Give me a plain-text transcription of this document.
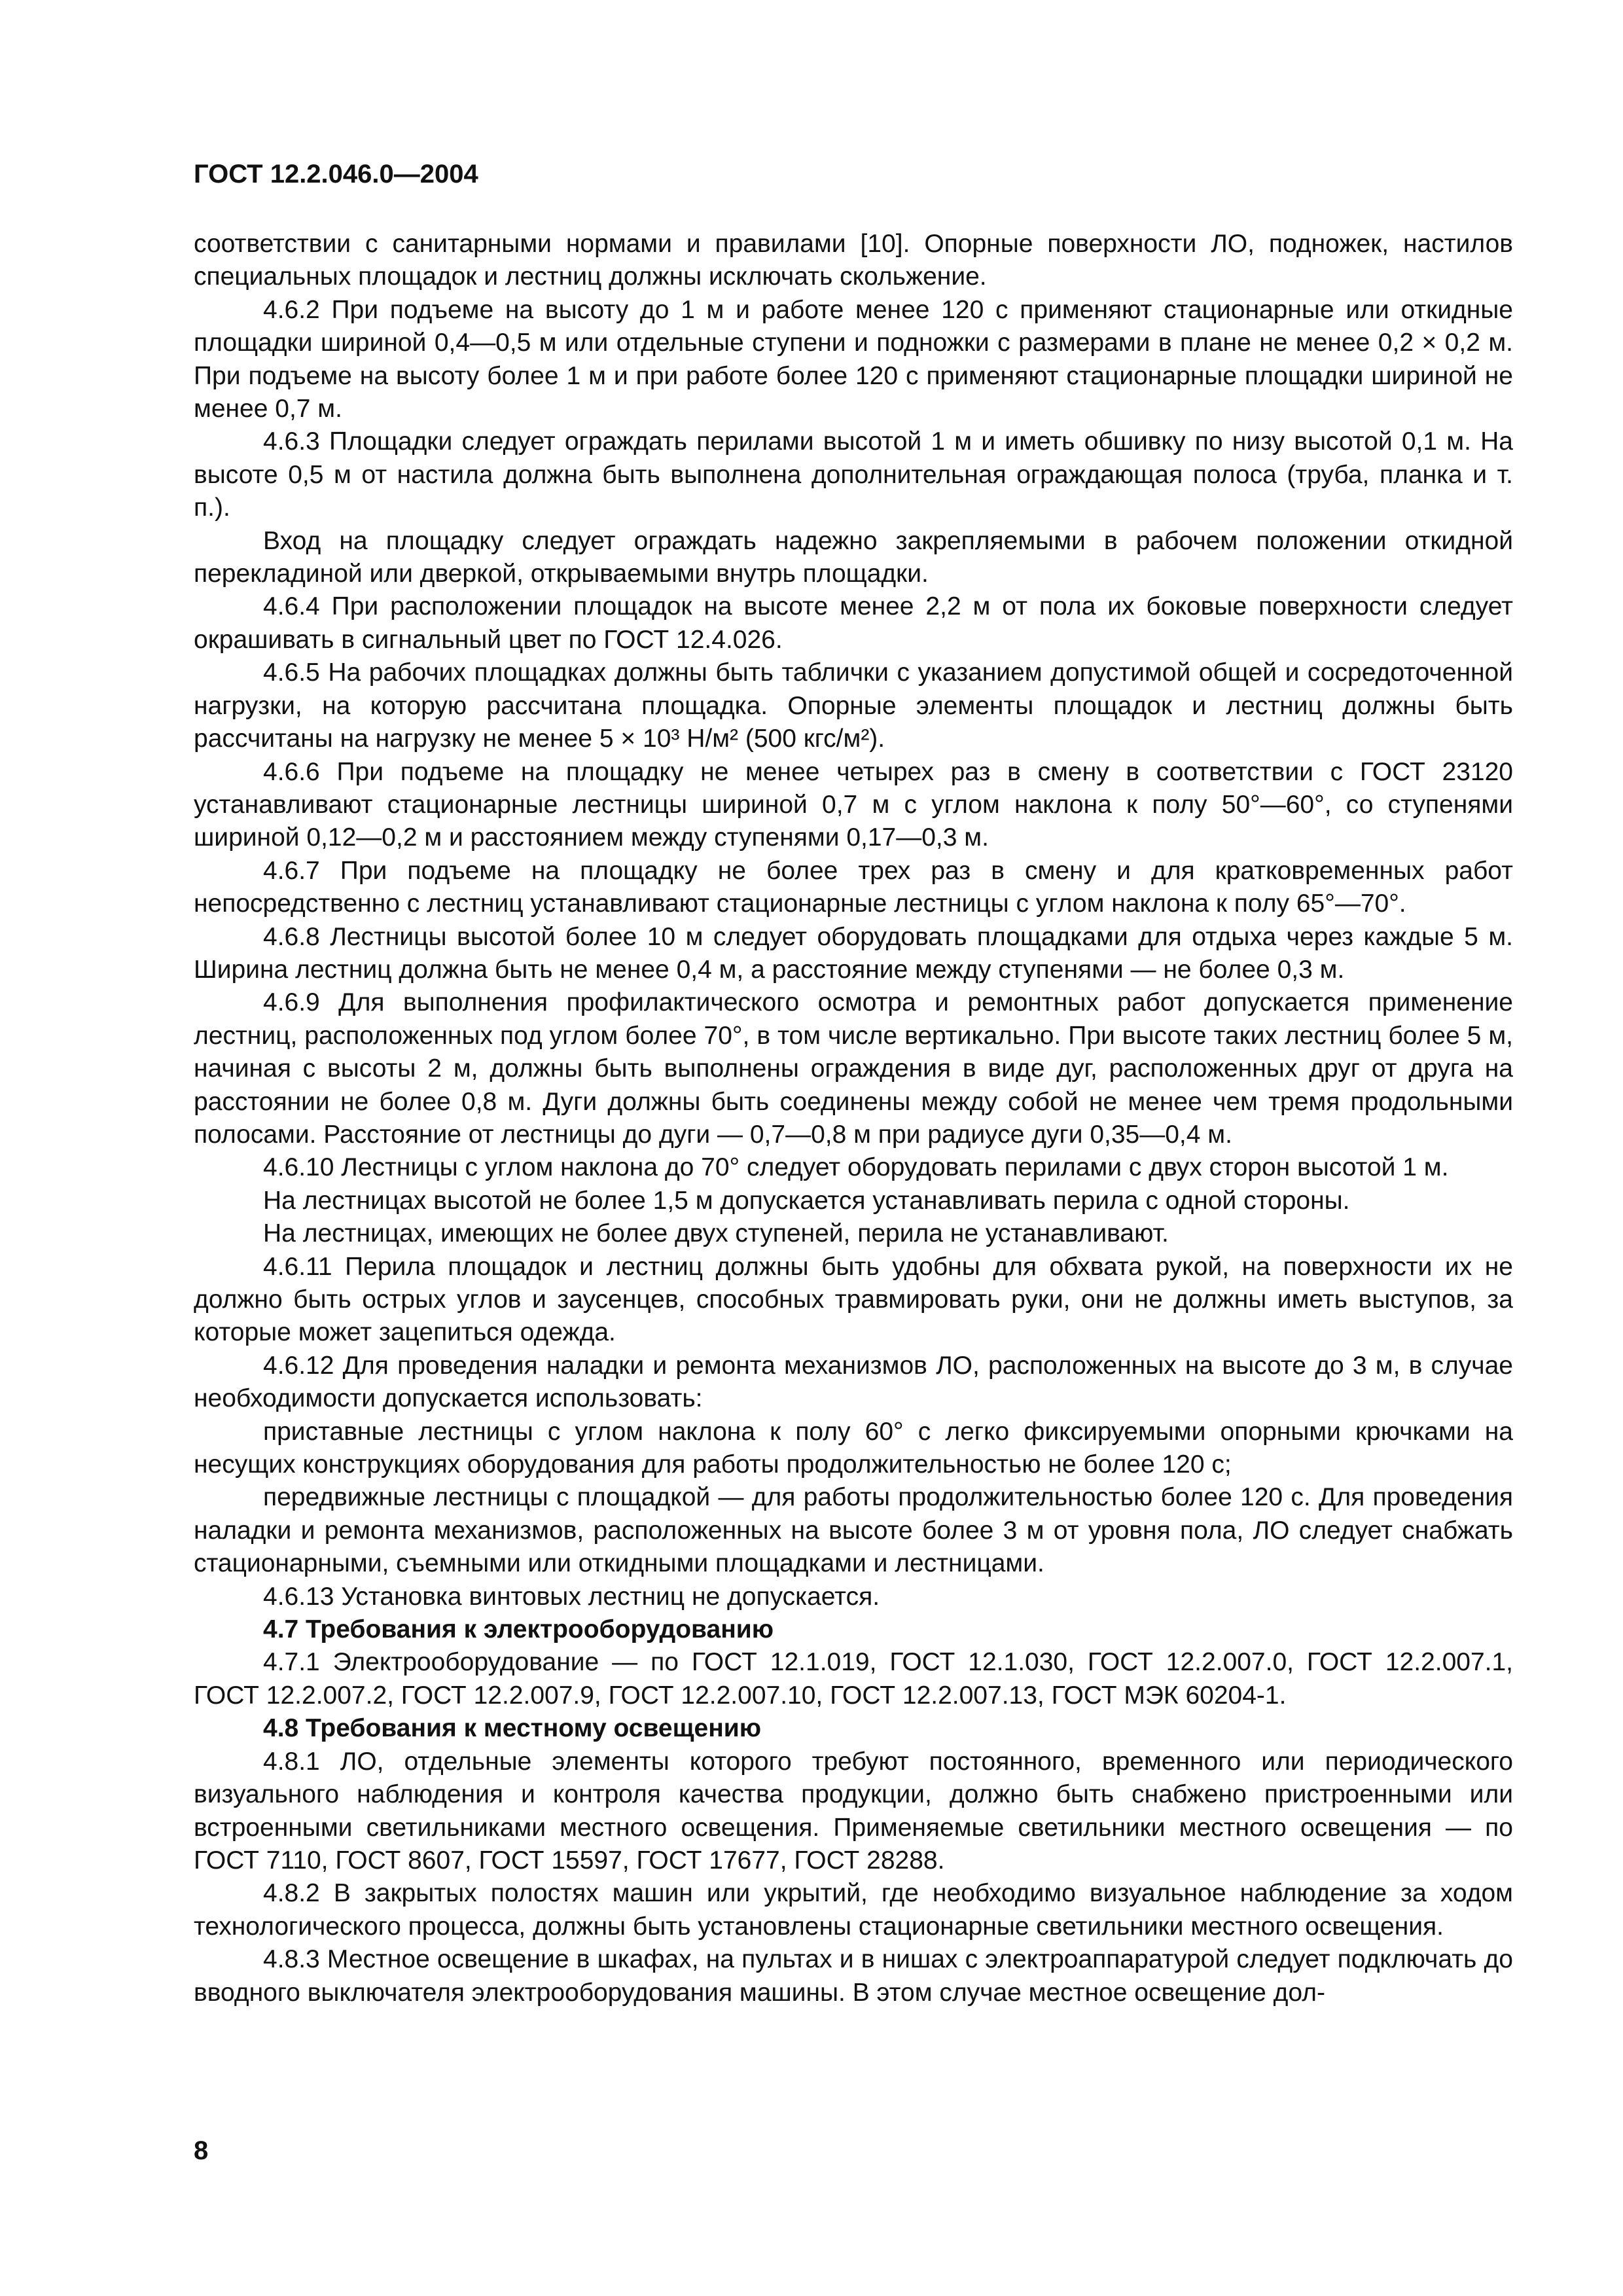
ГОСТ 12.2.046.0—2004

соответствии с санитарными нормами и правилами [10]. Опорные поверхности ЛО, подножек, настилов специальных площадок и лестниц должны исключать скольжение.

4.6.2 При подъеме на высоту до 1 м и работе менее 120 с применяют стационарные или откидные площадки шириной 0,4—0,5 м или отдельные ступени и подножки с размерами в плане не менее 0,2 × 0,2 м. При подъеме на высоту более 1 м и при работе более 120 с применяют стационарные площадки шириной не менее 0,7 м.

4.6.3 Площадки следует ограждать перилами высотой 1 м и иметь обшивку по низу высотой 0,1 м. На высоте 0,5 м от настила должна быть выполнена дополнительная ограждающая полоса (труба, планка и т. п.).

Вход на площадку следует ограждать надежно закрепляемыми в рабочем положении откидной перекладиной или дверкой, открываемыми внутрь площадки.

4.6.4 При расположении площадок на высоте менее 2,2 м от пола их боковые поверхности следует окрашивать в сигнальный цвет по ГОСТ 12.4.026.

4.6.5 На рабочих площадках должны быть таблички с указанием допустимой общей и сосредоточенной нагрузки, на которую рассчитана площадка. Опорные элементы площадок и лестниц должны быть рассчитаны на нагрузку не менее 5 × 10³ Н/м² (500 кгс/м²).

4.6.6 При подъеме на площадку не менее четырех раз в смену в соответствии с ГОСТ 23120 устанавливают стационарные лестницы шириной 0,7 м с углом наклона к полу 50°—60°, со ступенями шириной 0,12—0,2 м и расстоянием между ступенями 0,17—0,3 м.

4.6.7 При подъеме на площадку не более трех раз в смену и для кратковременных работ непосредственно с лестниц устанавливают стационарные лестницы с углом наклона к полу 65°—70°.

4.6.8 Лестницы высотой более 10 м следует оборудовать площадками для отдыха через каждые 5 м. Ширина лестниц должна быть не менее 0,4 м, а расстояние между ступенями — не более 0,3 м.

4.6.9 Для выполнения профилактического осмотра и ремонтных работ допускается применение лестниц, расположенных под углом более 70°, в том числе вертикально. При высоте таких лестниц более 5 м, начиная с высоты 2 м, должны быть выполнены ограждения в виде дуг, расположенных друг от друга на расстоянии не более 0,8 м. Дуги должны быть соединены между собой не менее чем тремя продольными полосами. Расстояние от лестницы до дуги — 0,7—0,8 м при радиусе дуги 0,35—0,4 м.

4.6.10 Лестницы с углом наклона до 70° следует оборудовать перилами с двух сторон высотой 1 м.

На лестницах высотой не более 1,5 м допускается устанавливать перила с одной стороны.

На лестницах, имеющих не более двух ступеней, перила не устанавливают.

4.6.11 Перила площадок и лестниц должны быть удобны для обхвата рукой, на поверхности их не должно быть острых углов и заусенцев, способных травмировать руки, они не должны иметь выступов, за которые может зацепиться одежда.

4.6.12 Для проведения наладки и ремонта механизмов ЛО, расположенных на высоте до 3 м, в случае необходимости допускается использовать:

приставные лестницы с углом наклона к полу 60° с легко фиксируемыми опорными крючками на несущих конструкциях оборудования для работы продолжительностью не более 120 с;

передвижные лестницы с площадкой — для работы продолжительностью более 120 с. Для проведения наладки и ремонта механизмов, расположенных на высоте более 3 м от уровня пола, ЛО следует снабжать стационарными, съемными или откидными площадками и лестницами.

4.6.13 Установка винтовых лестниц не допускается.

4.7 Требования к электрооборудованию

4.7.1 Электрооборудование — по ГОСТ 12.1.019, ГОСТ 12.1.030, ГОСТ 12.2.007.0, ГОСТ 12.2.007.1, ГОСТ 12.2.007.2, ГОСТ 12.2.007.9, ГОСТ 12.2.007.10, ГОСТ 12.2.007.13, ГОСТ МЭК 60204-1.

4.8 Требования к местному освещению

4.8.1 ЛО, отдельные элементы которого требуют постоянного, временного или периодического визуального наблюдения и контроля качества продукции, должно быть снабжено пристроенными или встроенными светильниками местного освещения. Применяемые светильники местного освещения — по ГОСТ 7110, ГОСТ 8607, ГОСТ 15597, ГОСТ 17677, ГОСТ 28288.

4.8.2 В закрытых полостях машин или укрытий, где необходимо визуальное наблюдение за ходом технологического процесса, должны быть установлены стационарные светильники местного освещения.

4.8.3 Местное освещение в шкафах, на пультах и в нишах с электроаппаратурой следует подключать до вводного выключателя электрооборудования машины. В этом случае местное освещение дол-

8
